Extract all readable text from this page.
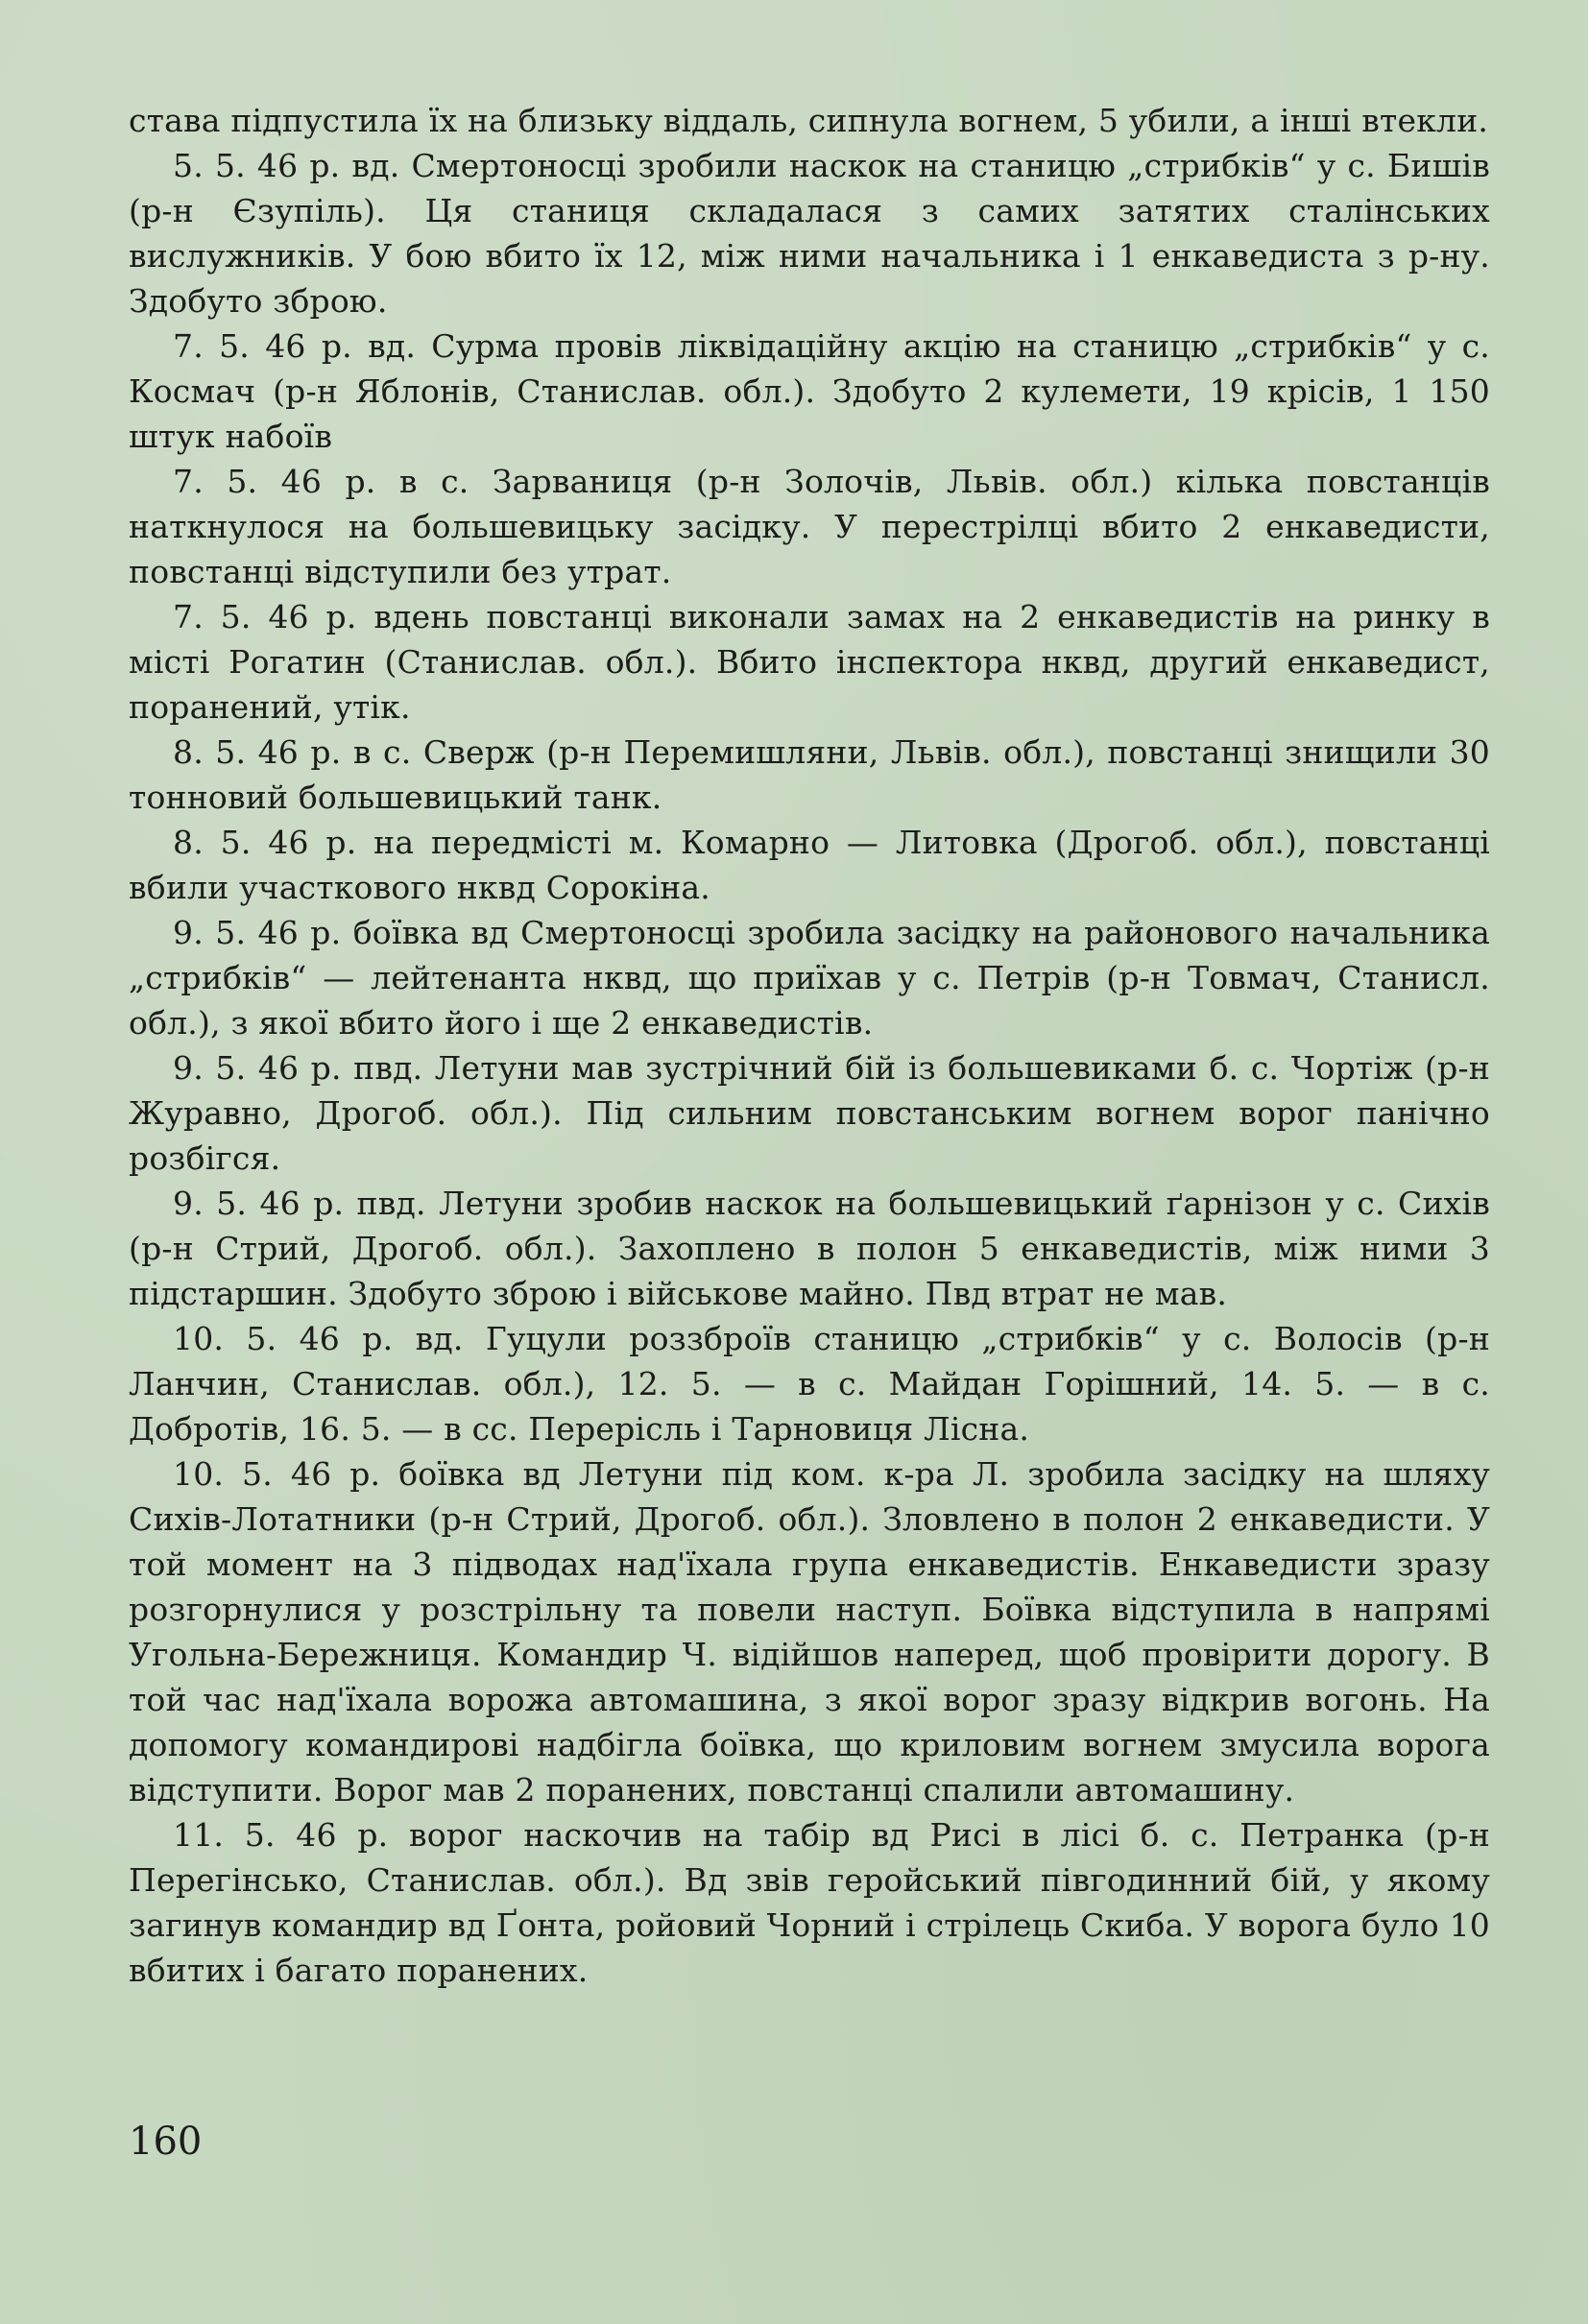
става підпустила їх на близьку віддаль, сипнула вогнем, 5 убили, а інші втекли.

5. 5. 46 р. вд. Смертоносці зробили наскок на станицю „стрибків“ у с. Бишів (р-н Єзупіль). Ця станиця складалася з самих затятих сталінських вислужників. У бою вбито їх 12, між ними начальника і 1 енкаведиста з р-ну. Здобуто зброю.

7. 5. 46 р. вд. Сурма провів ліквідаційну акцію на станицю „стрибків“ у с. Космач (р-н Яблонів, Станислав. обл.). Здобуто 2 кулемети, 19 крісів, 1 150 штук набоїв

7. 5. 46 р. в с. Зарваниця (р-н Золочів, Львів. обл.) кілька повстанців наткнулося на большевицьку засідку. У перестрілці вбито 2 енкаведисти, повстанці відступили без утрат.

7. 5. 46 р. вдень повстанці виконали замах на 2 енкаведистів на ринку в місті Рогатин (Станислав. обл.). Вбито інспектора нквд, другий енкаведист, поранений, утік.

8. 5. 46 р. в с. Сверж (р-н Перемишляни, Львів. обл.), повстанці знищили 30 тонновий большевицький танк.

8. 5. 46 р. на передмісті м. Комарно — Литовка (Дрогоб. обл.), повстанці вбили участкового нквд Сорокіна.

9. 5. 46 р. боївка вд Смертоносці зробила засідку на районового начальника „стрибків“ — лейтенанта нквд, що приїхав у с. Петрів (р-н Товмач, Станисл. обл.), з якої вбито його і ще 2 енкаведистів.

9. 5. 46 р. пвд. Летуни мав зустрічний бій із большевиками б. с. Чортіж (р-н Журавно, Дрогоб. обл.). Під сильним повстанським вогнем ворог панічно розбігся.

9. 5. 46 р. пвд. Летуни зробив наскок на большевицький ґарнізон у с. Сихів (р-н Стрий, Дрогоб. обл.). Захоплено в полон 5 енкаведистів, між ними 3 підстаршин. Здобуто зброю і військове майно. Пвд втрат не мав.

10. 5. 46 р. вд. Гуцули роззброїв станицю „стрибків“ у с. Волосів (р-н Ланчин, Станислав. обл.), 12. 5. — в с. Майдан Горішний, 14. 5. — в с. Добротів, 16. 5. — в сс. Перерісль і Тарновиця Лісна.

10. 5. 46 р. боївка вд Летуни під ком. к-ра Л. зробила засідку на шляху Сихів-Лотатники (р-н Стрий, Дрогоб. обл.). Зловлено в полон 2 енкаведисти. У той момент на 3 підводах над'їхала група енкаведистів. Енкаведисти зразу розгорнулися у розстрільну та повели наступ. Боївка відступила в напрямі Угольна-Бережниця. Командир Ч. відійшов наперед, щоб провірити дорогу. В той час над'їхала ворожа автомашина, з якої ворог зразу відкрив вогонь. На допомогу командирові надбігла боївка, що криловим вогнем змусила ворога відступити. Ворог мав 2 поранених, повстанці спалили автомашину.

11. 5. 46 р. ворог наскочив на табір вд Рисі в лісі б. с. Петранка (р-н Перегінсько, Станислав. обл.). Вд звів геройський півгодинний бій, у якому загинув командир вд Ґонта, ройовий Чорний і стрілець Скиба. У ворога було 10 вбитих і багато поранених.

160
